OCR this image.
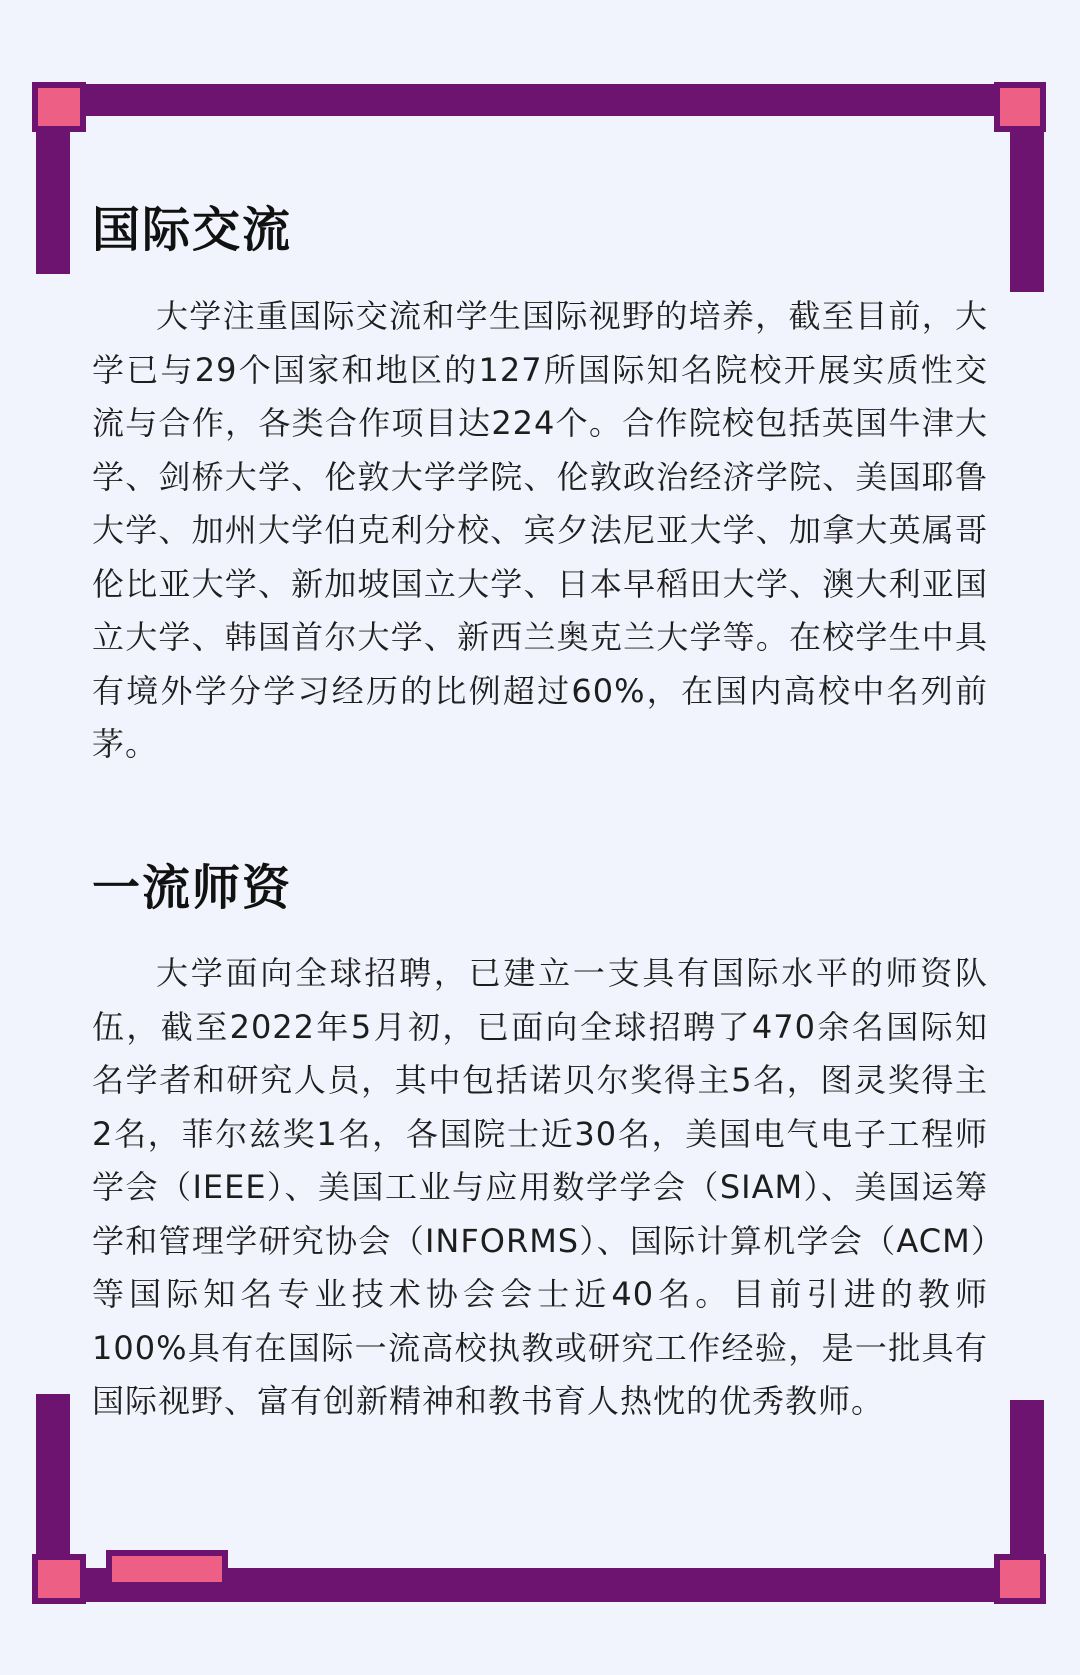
国际交流

大学注重国际交流和学生国际视野的培养，截至目前，大学已与29个国家和地区的127所国际知名院校开展实质性交流与合作，各类合作项目达224个。合作院校包括英国牛津大学、剑桥大学、伦敦大学学院、伦敦政治经济学院、美国耶鲁大学、加州大学伯克利分校、宾夕法尼亚大学、加拿大英属哥伦比亚大学、新加坡国立大学、日本早稻田大学、澳大利亚国立大学、韩国首尔大学、新西兰奥克兰大学等。在校学生中具有境外学分学习经历的比例超过60%，在国内高校中名列前茅。

一流师资

大学面向全球招聘，已建立一支具有国际水平的师资队伍，截至2022年5月初，已面向全球招聘了470余名国际知名学者和研究人员，其中包括诺贝尔奖得主5名，图灵奖得主2名，菲尔兹奖1名，各国院士近30名，美国电气电子工程师学会（IEEE）、美国工业与应用数学学会（SIAM）、美国运筹学和管理学研究协会（INFORMS）、国际计算机学会（ACM）等国际知名专业技术协会会士近40名。目前引进的教师100%具有在国际一流高校执教或研究工作经验，是一批具有国际视野、富有创新精神和教书育人热忱的优秀教师。
